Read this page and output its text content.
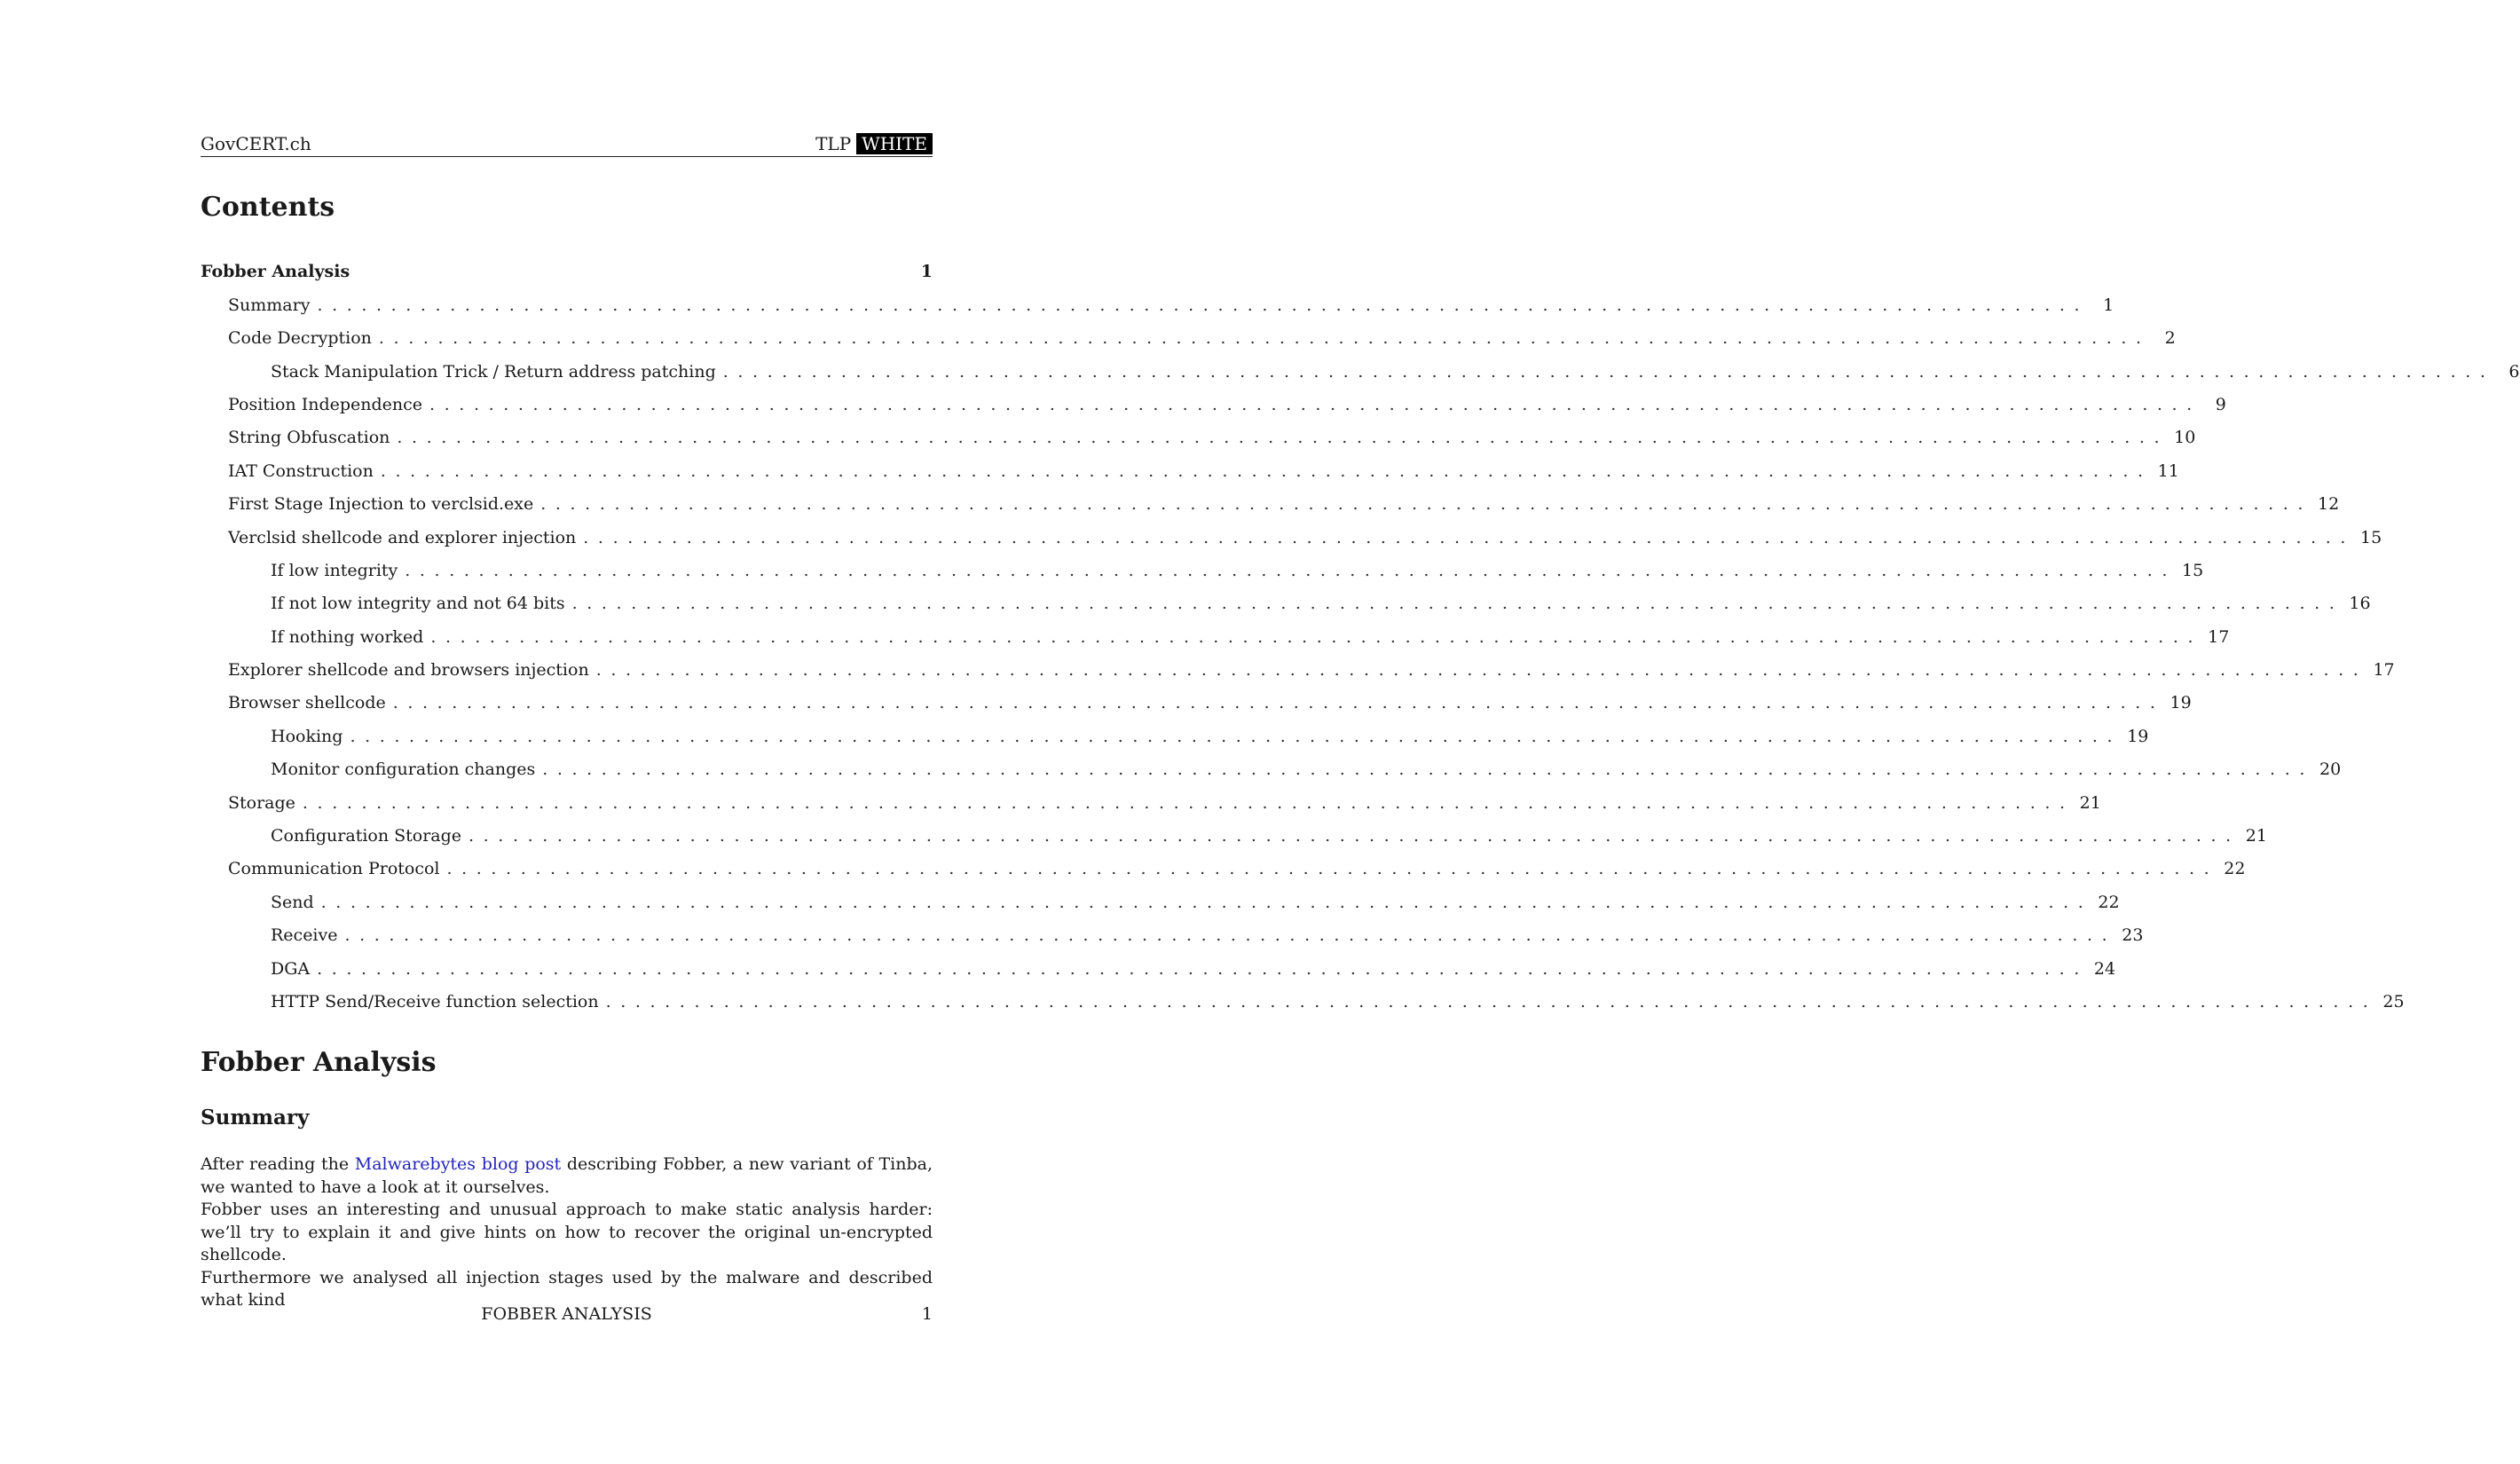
GovCERT.ch	TLP WHITE
Contents
Fobber Analysis	1
Summary ........................................................................................................................ 1
Code Decryption ........................................................................................................................ 2
Stack Manipulation Trick / Return address patching ........................................................................................................................ 6
Position Independence ........................................................................................................................ 9
String Obfuscation ........................................................................................................................ 10
IAT Construction ........................................................................................................................ 11
First Stage Injection to verclsid.exe ........................................................................................................................ 12
Verclsid shellcode and explorer injection ........................................................................................................................ 15
If low integrity ........................................................................................................................ 15
If not low integrity and not 64 bits ........................................................................................................................ 16
If nothing worked ........................................................................................................................ 17
Explorer shellcode and browsers injection ........................................................................................................................ 17
Browser shellcode ........................................................................................................................ 19
Hooking ........................................................................................................................ 19
Monitor configuration changes ........................................................................................................................ 20
Storage ........................................................................................................................ 21
Configuration Storage ........................................................................................................................ 21
Communication Protocol ........................................................................................................................ 22
Send ........................................................................................................................ 22
Receive ........................................................................................................................ 23
DGA ........................................................................................................................ 24
HTTP Send/Receive function selection ........................................................................................................................ 25
Fobber Analysis
Summary

After reading the Malwarebytes blog post describing Fobber, a new variant of Tinba, we wanted to have a look at it ourselves.

Fobber uses an interesting and unusual approach to make static analysis harder: we’ll try to explain it and give hints on how to recover the original un-encrypted shellcode.

Furthermore we analysed all injection stages used by the malware and described what kind

FOBBER ANALYSIS	1
